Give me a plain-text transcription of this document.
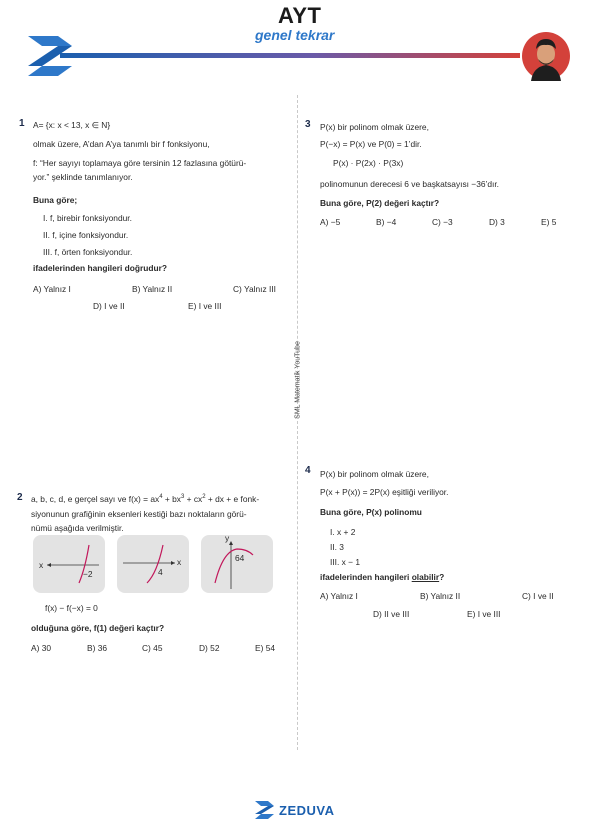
AYT
genel tekrar
SML Matematik YouTube
1 A= {x: x < 13, x ∈ N}
olmak üzere, A’dan A’ya tanımlı bir f fonksiyonu,
f: “Her sayıyı toplamaya göre tersinin 12 fazlasına götürü-
yor.” şeklinde tanımlanıyor.
Buna göre;
I. f, birebir fonksiyondur.
II. f, içine fonksiyondur.
III. f, örten fonksiyondur.
ifadelerinden hangileri doğrudur?
A) Yalnız I	B) Yalnız II	C) Yalnız III
D) I ve II	E) I ve III
2 a, b, c, d, e gerçel sayı ve $f(x) = ax^4 + bx^3 + cx^2$ + dx + e fonk-
siyonunun grafiğinin eksenleri kestiği bazı noktaların görü-
nümü aşağıda verilmiştir.
x
−2
x
4
y
64
f(x) − f(−x) = 0
olduğuna göre, f(1) değeri kaçtır?
A) 30	B) 36	C) 45	D) 52	E) 54
3 P(x) bir polinom olmak üzere,
P(−x) = P(x) ve P(0) = 1’dir.
P(x) · P(2x) · P(3x)
polinomunun derecesi 6 ve başkatsayısı −36’dır.
Buna göre, P(2) değeri kaçtır?
A) −5	B) −4	C) −3	D) 3	E) 5
4 P(x) bir polinom olmak üzere,
P(x + P(x)) = 2P(x) eşitliği veriliyor.
Buna göre, P(x) polinomu
I. x + 2
II. 3
III. x − 1
ifadelerinden hangileri olabilir?
A) Yalnız I	B) Yalnız II	C) I ve II
D) II ve III	E) I ve III
ZEDUVA
